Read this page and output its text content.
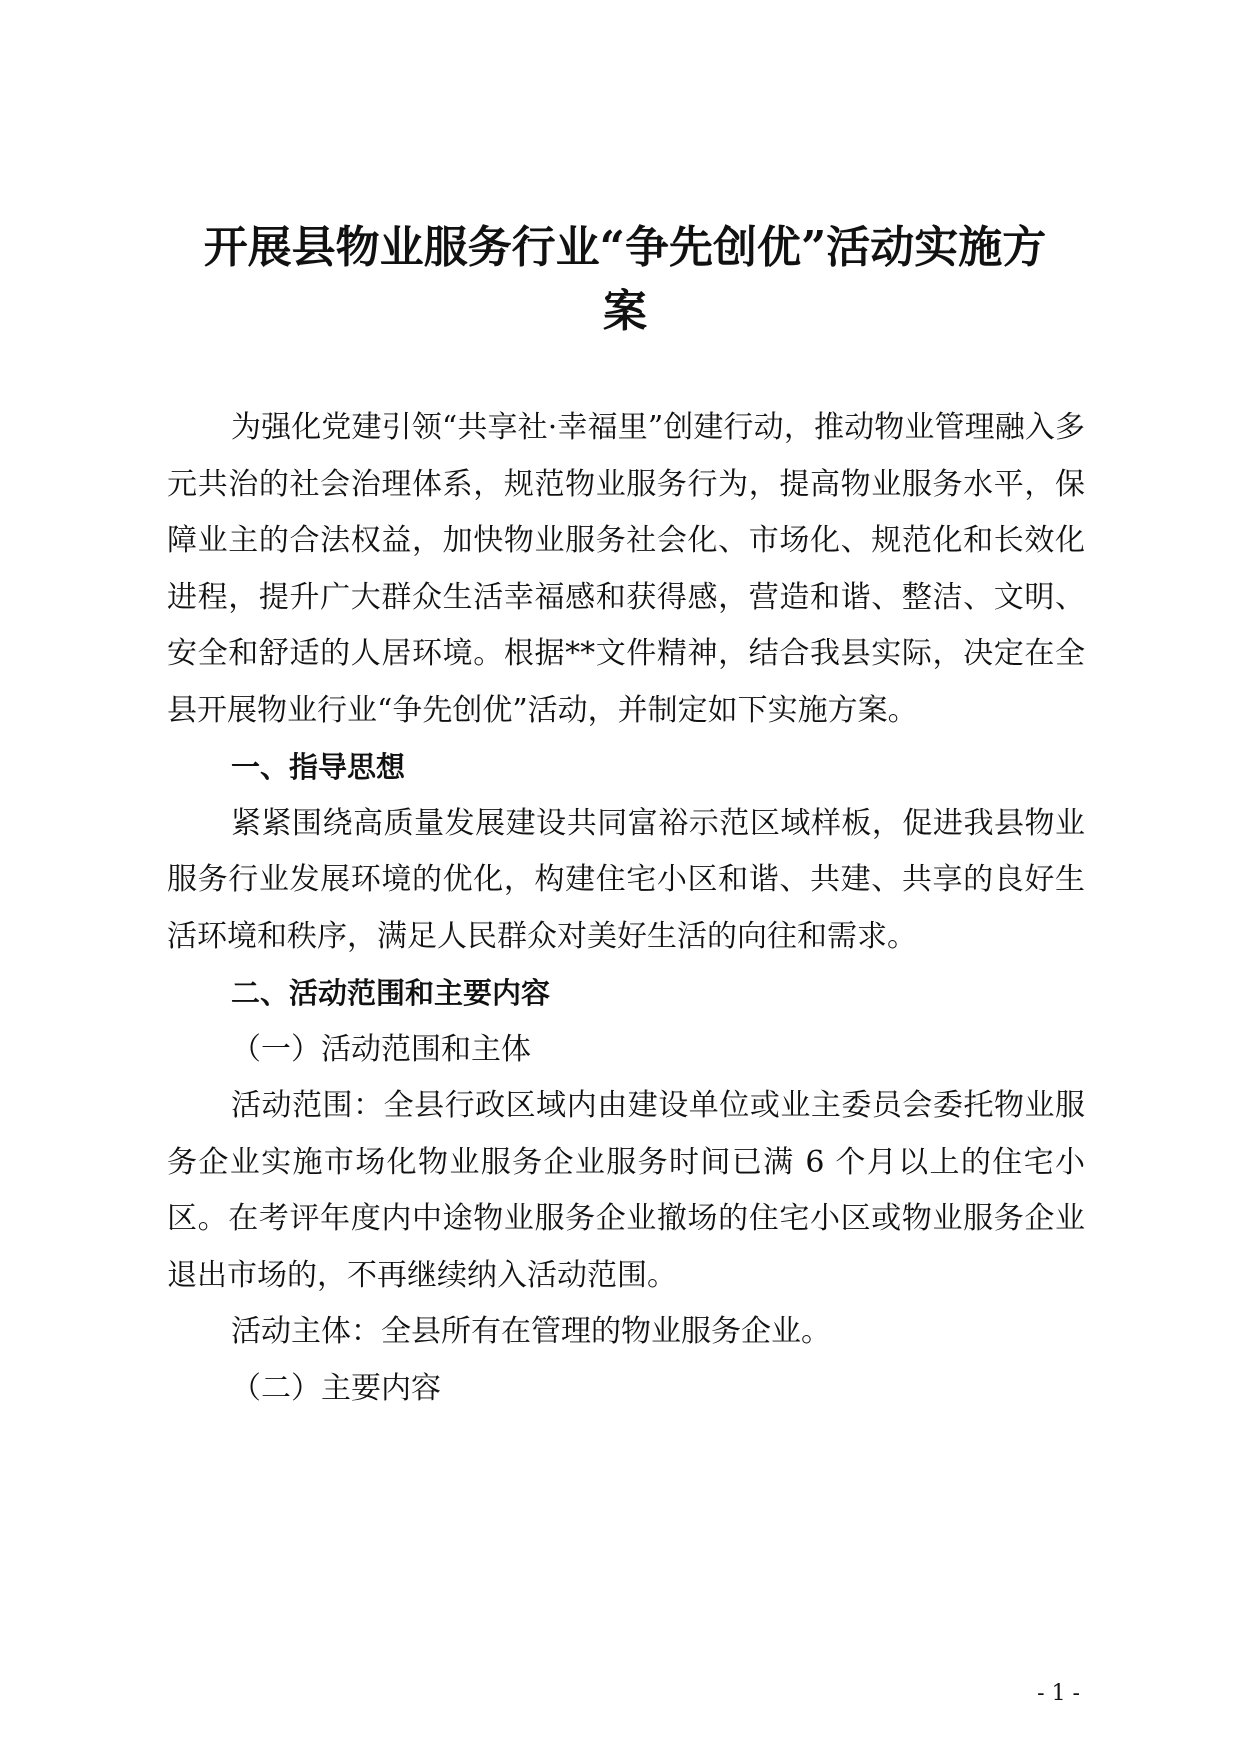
开展县物业服务行业“争先创优”活动实施方
案

为强化党建引领“共享社·幸福里”创建行动，推动物业管理融入多元共治的社会治理体系，规范物业服务行为，提高物业服务水平，保障业主的合法权益，加快物业服务社会化、市场化、规范化和长效化进程，提升广大群众生活幸福感和获得感，营造和谐、整洁、文明、安全和舒适的人居环境。根据**文件精神，结合我县实际，决定在全县开展物业行业“争先创优”活动，并制定如下实施方案。

一、指导思想

紧紧围绕高质量发展建设共同富裕示范区域样板，促进我县物业服务行业发展环境的优化，构建住宅小区和谐、共建、共享的良好生活环境和秩序，满足人民群众对美好生活的向往和需求。

二、活动范围和主要内容

（一）活动范围和主体

活动范围：全县行政区域内由建设单位或业主委员会委托物业服务企业实施市场化物业服务企业服务时间已满 6 个月以上的住宅小区。在考评年度内中途物业服务企业撤场的住宅小区或物业服务企业退出市场的，不再继续纳入活动范围。

活动主体：全县所有在管理的物业服务企业。

（二）主要内容

- 1 -
